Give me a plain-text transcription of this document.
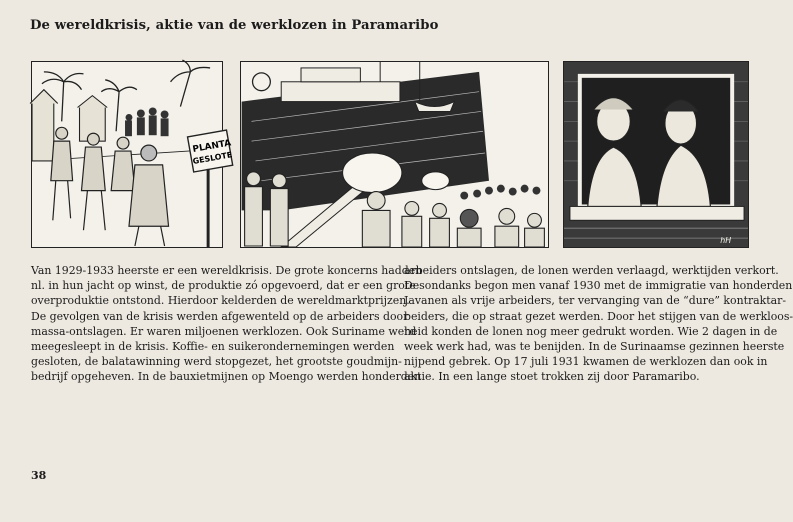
De wereldkrisis, aktie van de werklozen in Paramaribo
PLANTA
GESLOTE
hH
Van 1929-1933 heerste er een wereldkrisis. De grote koncerns hadden
nl. in hun jacht op winst, de produktie zó opgevoerd, dat er een grote
overproduktie ontstond. Hierdoor kelderden de wereldmarktprijzen.
De gevolgen van de krisis werden afgewenteld op de arbeiders door
massa-ontslagen. Er waren miljoenen werklozen. Ook Suriname werd
meegesleept in de krisis. Koffie- en suikerondernemingen werden
gesloten, de balatawinning werd stopgezet, het grootste goudmijn-
bedrijf opgeheven. In de bauxietmijnen op Moengo werden honderden
arbeiders ontslagen, de lonen werden verlaagd, werktijden verkort.
Desondanks begon men vanaf 1930 met de immigratie van honderden
Javanen als vrije arbeiders, ter vervanging van de “dure” kontraktar-
beiders, die op straat gezet werden. Door het stijgen van de werkloos-
heid konden de lonen nog meer gedrukt worden. Wie 2 dagen in de
week werk had, was te benijden. In de Surinaamse gezinnen heerste
nijpend gebrek. Op 17 juli 1931 kwamen de werklozen dan ook in
aktie. In een lange stoet trokken zij door Paramaribo.
38
